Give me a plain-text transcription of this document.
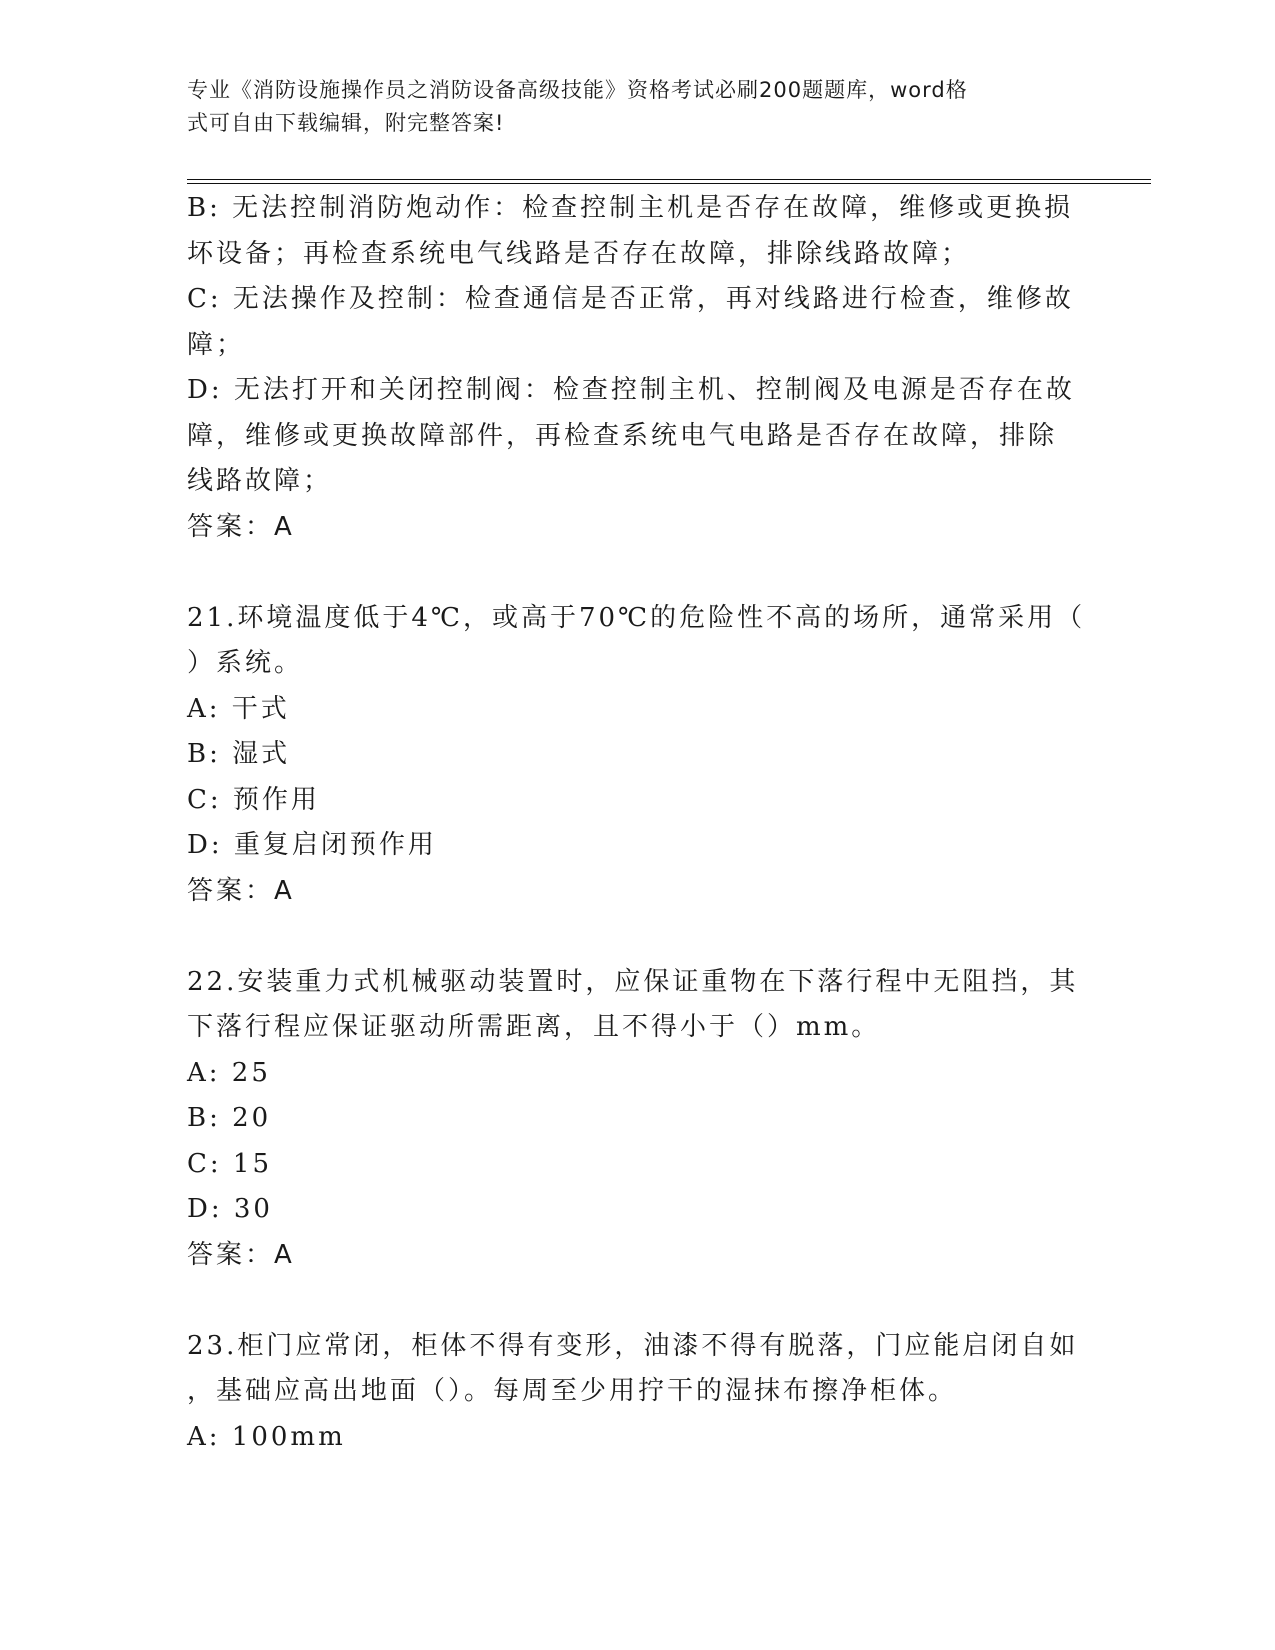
专业《消防设施操作员之消防设备高级技能》资格考试必刷200题题库，word格
式可自由下载编辑，附完整答案!
B: 无法控制消防炮动作：检查控制主机是否存在故障，维修或更换损
坏设备；再检查系统电气线路是否存在故障，排除线路故障；
C: 无法操作及控制：检查通信是否正常，再对线路进行检查，维修故
障；
D: 无法打开和关闭控制阀：检查控制主机、控制阀及电源是否存在故
障，维修或更换故障部件，再检查系统电气电路是否存在故障，排除
线路故障；
答案：A
21.环境温度低于4℃，或高于70℃的危险性不高的场所，通常采用（
）系统。
A: 干式
B: 湿式
C: 预作用
D: 重复启闭预作用
答案：A
22.安装重力式机械驱动装置时，应保证重物在下落行程中无阻挡，其
下落行程应保证驱动所需距离，且不得小于（）mm。
A: 25
B: 20
C: 15
D: 30
答案：A
23.柜门应常闭，柜体不得有变形，油漆不得有脱落，门应能启闭自如
，基础应高出地面（）。每周至少用拧干的湿抹布擦净柜体。
A: 100mm
